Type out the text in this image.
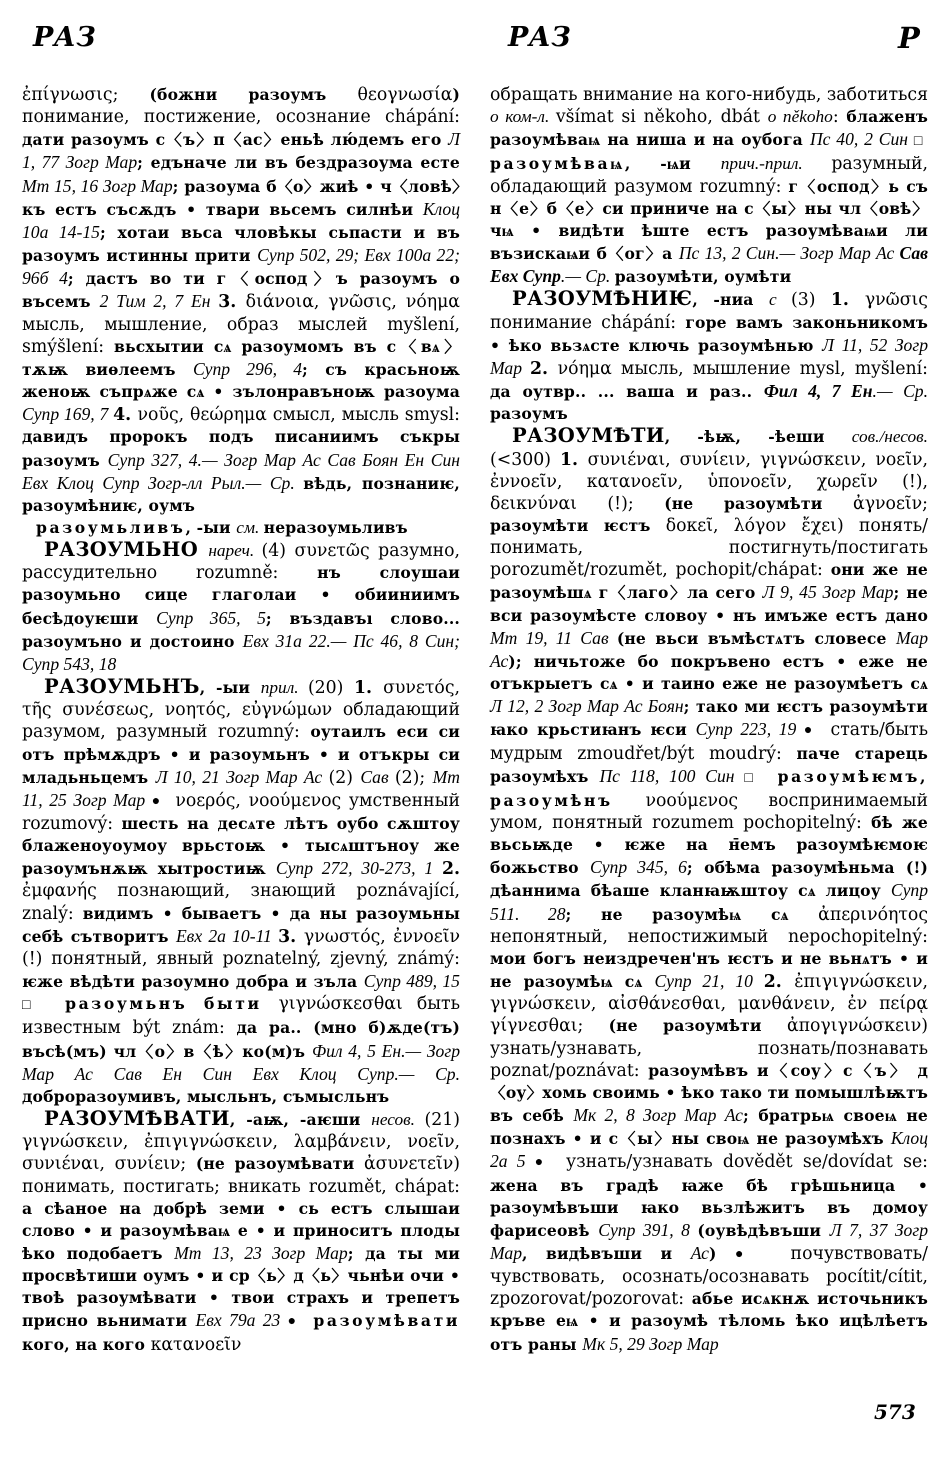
РАЗ	РАЗ	Р

ἐπίγνωσις; (божни разоумъ θεογνωσία) понимание, постижение, осознание chápání: дати разоумъ с〈ъ〉п〈ас〉еньѣ лю́демъ его Л 1, 77 Зогр Мар; едъначе ли въ бездразоума есте Мт 15, 16 Зогр Мар; разоума б〈о〉жиѣ • ч〈ловѣ〉къ естъ съсѫдъ • твари вьсемъ силнѣи Клоц 10а 14-15; хотаи вьса чловѣкы сьпасти и въ разоумъ истинны прити Супр 502, 29; Евх 100а 22; 96б 4; дастъ во ти г〈оспод〉ъ разоумъ о въсемъ 2 Тим 2, 7 Ен 3. διάνοια, γνῶσις, νόημα мысль, мышление, образ мыслей myšlení, smýšlení: вьсхытии сѧ разоумомъ въ с〈вѧ〉тѫѭ виѳлеемъ Супр 296, 4; съ красьноѭ женоѭ съпрѧже сѧ • зълонравъноѭ разоума Супр 169, 7 4. νοῦς, θεώρημα смысл, мысль smysl: давидъ пророкъ подъ писаниимъ съкры разоумъ Супр 327, 4.— Зогр Мар Ас Сав Боян Ен Син Евх Клоц Супр Зогр-лл Рыл.— Ср. вѣдь, познаниѥ, разоумѣниѥ, оумъ

разоумьливъ, -ыи см. неразоумьливъ

РАЗОУМЬНО нареч. (4) συνετῶς разумно, рассудительно rozumně: нъ слоушаи разоумьно сице глаголаи • обииниимъ бесѣдоуѥши Супр 365, 5; въздавъı слово... разоумъно и достоино Евх 31а 22.— Пс 46, 8 Син; Супр 543, 18

РАЗОУМЬНЪ, -ыи прил. (20) 1. συνετός, τῆς συνέσεως, νοητός, εὐγνώμων обладающий разумом, разумный rozumný: оутаилъ еси си отъ прѣмѫдръ • и разоумьнъ • и отъкры си младьньцемъ Л 10, 21 Зогр Мар Ас (2) Сав (2); Мт 11, 25 Зогр Мар ●   νοερός, νοούμενος умственный rozumový: шесть на десѧте лѣтъ оубо сѫштоу блаженоуоумоу врьстоѭ • тысѧштъноу же разоумънѫѭ хытростиѭ Супр 272, 30-273, 1 2. ἐμφανής познающий, знающий poznávající, znalý: видимъ • бываетъ • да ны разоумьны себѣ сътворитъ Евх 2а 10-11 3. γνωστός, ἐννοεῖν (!) понятный, явный poznatelný, zjevný, známý: ѥже вѣдѣти разоумно добра и зъла Супр 489, 15 □   разоумьнъ быти γιγνώσκεσθαι быть известным být znám: да ра.. (мно б)ѫде(тъ) въсѣ(мъ) чл〈о〉в〈ѣ〉ко(м)ъ Фил 4, 5 Ен.— Зогр Мар Ас Сав Ен Син Евх Клоц Супр.— Ср. доброразоумивъ, мысльнъ, съмысльнъ

РАЗОУМѢВАТИ, -аѭ, -аѥши несов. (21) γιγνώσκειν, ἐπιγιγνώσκειν, λαμβάνειν, νοεῖν, συνιέναι, συνίειν; (не разоумѣвати ἀσυνετεῖν) понимать, постигать; вникать rozumět, chápat: а сѣаное на добрѣ земи • сь естъ слышаи слово • и разоумѣваѩ е • и приноситъ плоды ѣко подобаетъ Мт 13, 23 Зогр Мар; да ты ми просвѣтиши оумъ • и ср〈ь〉д〈ь〉чьнѣи очи • твоѣ разоумѣвати • твои страхъ и трепетъ присно вьнимати Евх 79а 23 ●   разоумѣвати кого, на кого κατανοεῖν

обращать внимание на кого-нибудь, заботиться о ком-л. všímat si někoho, dbát o někoho: блаженъ разоумѣваѩ на ниша и на оубога Пс 40, 2 Син □   разоумѣваѩ, -ѩи прич.-прил. разумный, обладающий разумом rozumný: г〈оспод〉ь съ н〈е〉б〈е〉си приниче на с〈ы〉ны чл〈овѣ〉чѩ • видѣти ѣште естъ разоумѣваѩи ли възискаѩи б〈ог〉а Пс 13, 2 Син.— Зогр Мар Ас Сав Евх Супр.— Ср. разоумѣти, оумѣти

РАЗОУМѢНИѤ, -ниа с (3) 1. γνῶσις понимание chápání: горе вамъ законьникомъ • ѣко вьзѧсте ключь разоумѣнью Л 11, 52 Зогр Мар 2. νόημα мысль, мышление mysl, myšlení: да оутвр.. ... ваша и раз.. Фил 4, 7 Ен.— Ср. разоумъ

РАЗОУМѢТИ, -ѣѭ, -ѣеши сов./несов. (<300) 1. συνιέναι, συνίειν, γιγνώσκειν, νοεῖν, ἐννοεῖν, κατανοεῖν, ὑπονοεῖν, χωρεῖν (!), δεικνύναι (!); (не разоумѣти ἀγνοεῖν; разоумѣти ѥстъ δοκεῖ, λόγον ἔχει) понять/понимать, постигнуть/постигать porozumět/rozumět, pochopit/chápat: они же не разоумѣшѧ г〈лаго〉ла сего Л 9, 45 Зогр Мар; не вси разоумѣсте словоу • нъ имъже естъ дано Мт 19, 11 Сав (не вьси въмѣстѧтъ словесе Мар Ас); ничьтоже бо покръвено естъ • еже не отъкрыетъ сѧ • и таино еже не разоумѣетъ сѧ Л 12, 2 Зогр Мар Ас Боян; тако ми ѥстъ разоумѣти ꙗко крьстиꙗнъ ѥси Супр 223, 19 ●   стать/быть мудрым zmoudřet/být moudrý: паче старець разоумѣхъ Пс 118, 100 Син □   разоумѣѥмъ, разоумѣнъ νοούμενος воспринимаемый умом, понятный rozumem pochopitelný: бѣ же вьсьѭде • ѥже на н̄емъ разоумѣѥмоѥ божьство Супр 345, 6; обѣма разоумѣньма (!) дѣаннима бѣаше кланꙗѭштоу сѧ лицоу Супр 511. 28; не разоумѣѩ сѧ ἀπερινόητος непонятный, непостижимый nepochopitelný: мои богъ неиздречен'нъ ѥстъ и не вьнѧтъ • и не разоумѣѩ сѧ Супр 21, 10 2. ἐπιγιγνώσκειν, γιγνώσκειν, αἰσθάνεσθαι, μανθάνειν, ἐν πείρᾳ γίγνεσθαι; (не разоумѣти ἀπογιγνώσκειν) узнать/узнавать, познать/познавать poznat/poznávat: разоумѣвъ и〈соу〉с〈ъ〉 д〈оу〉хомь своимь • ѣко тако ти помышлѣѭтъ въ себѣ Мк 2, 8 Зогр Мар Ас; братрьѩ своеѩ не познахъ • и с〈ы〉ны своѩ не разоумѣхъ Клоц 2а 5 ●   узнать/узнавать dovědět se/dovídat se: жена въ градѣ ꙗже бѣ грѣшьница • разоумѣвъши ꙗко вьзлѣжитъ въ домоу фарисеовѣ Супр 391, 8 (оувѣдѣвъши Л 7, 37 Зогр Мар, видѣвъши и Ас) ●	почувствовать/чувствовать, осознать/осознавать pocítit/cítit, zpozorovat/pozorovat: абье исѧкнѫ источьникъ кръве еѩ • и разоумѣ тѣломь ѣко ицѣлѣетъ отъ раны Мк 5, 29 Зогр Мар

573
